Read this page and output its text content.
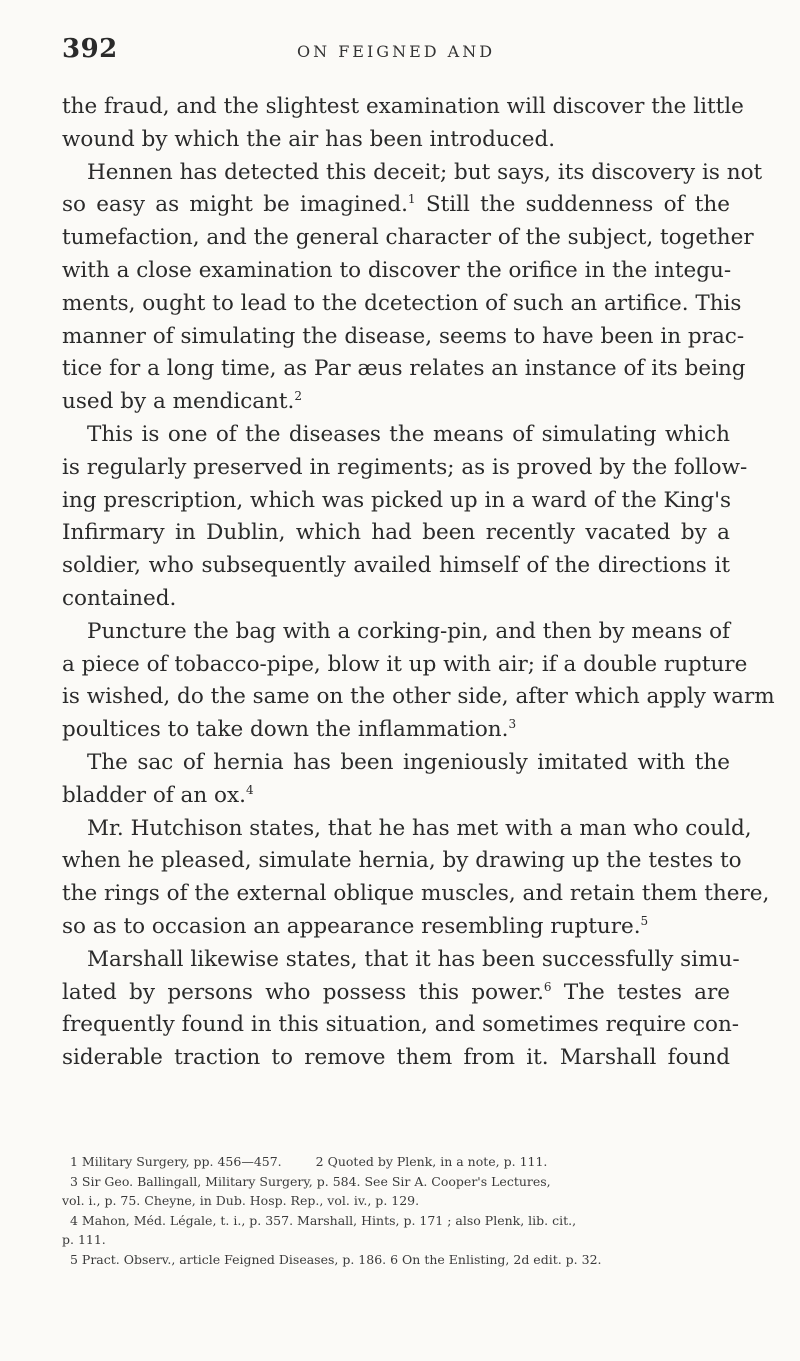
392	ON FEIGNED AND
the fraud, and the slightest examination will discover the little
wound by which the air has been introduced.
Hennen has detected this deceit; but says, its discovery is not
so easy as might be imagined.$^1$ Still the suddenness of the
tumefaction, and the general character of the subject, together
with a close examination to discover the orifice in the integu-
ments, ought to lead to the dcetection of such an artifice. This
manner of simulating the disease, seems to have been in prac-
tice for a long time, as Par æus relates an instance of its being
used by a mendicant.$^2$
This is one of the diseases the means of simulating which
is regularly preserved in regiments; as is proved by the follow-
ing prescription, which was picked up in a ward of the King's
Infirmary in Dublin, which had been recently vacated by a
soldier, who subsequently availed himself of the directions it
contained.
Puncture the bag with a corking-pin, and then by means of
a piece of tobacco-pipe, blow it up with air; if a double rupture
is wished, do the same on the other side, after which apply warm
poultices to take down the inflammation.$^3$
The sac of hernia has been ingeniously imitated with the
bladder of an ox.$^4$
Mr. Hutchison states, that he has met with a man who could,
when he pleased, simulate hernia, by drawing up the testes to
the rings of the external oblique muscles, and retain them there,
so as to occasion an appearance resembling rupture.$^5$
Marshall likewise states, that it has been successfully simu-
lated by persons who possess this power.$^6$ The testes are
frequently found in this situation, and sometimes require con-
siderable traction to remove them from it. Marshall found
1 Military Surgery, pp. 456—457.	2 Quoted by Plenk, in a note, p. 111.
3 Sir Geo. Ballingall, Military Surgery, p. 584. See Sir A. Cooper's Lectures,
vol. i., p. 75. Cheyne, in Dub. Hosp. Rep., vol. iv., p. 129.
4 Mahon, Méd. Légale, t. i., p. 357. Marshall, Hints, p. 171 ; also Plenk, lib. cit.,
p. 111.
5 Pract. Observ., article Feigned Diseases, p. 186. 6 On the Enlisting, 2d edit. p. 32.
